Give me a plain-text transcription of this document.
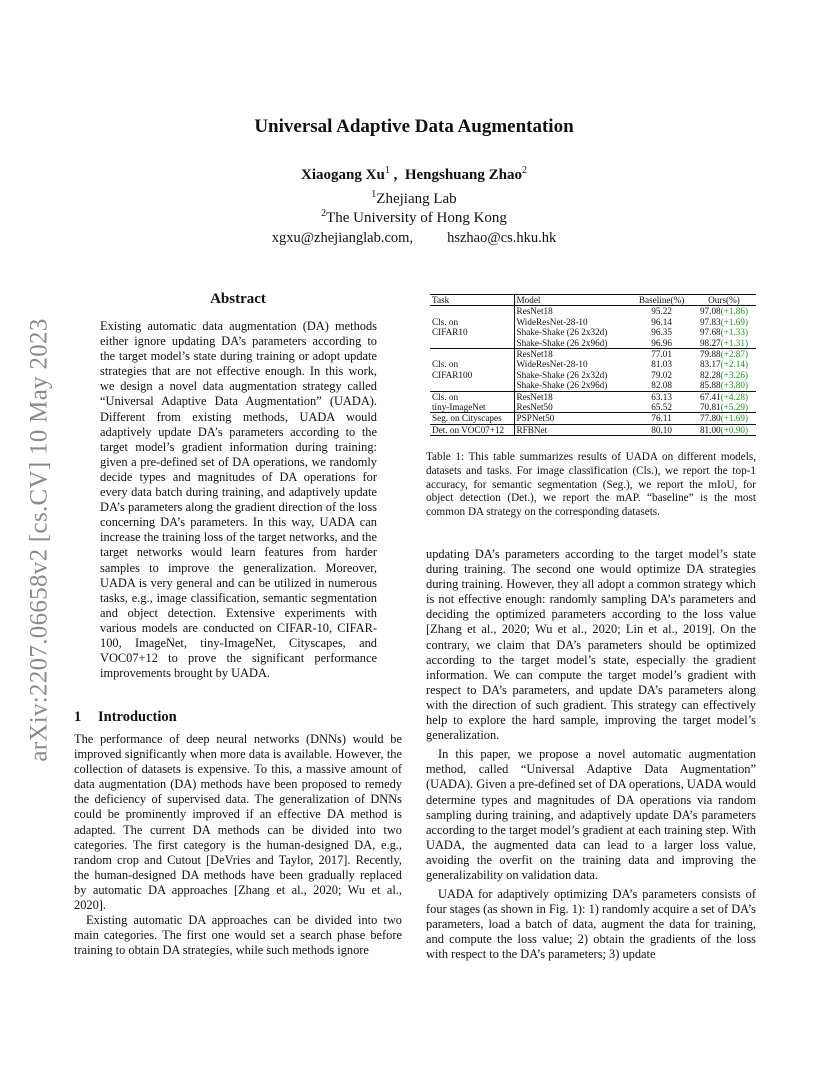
arXiv:2207.06658v2 [cs.CV] 10 May 2023
Universal Adaptive Data Augmentation
Xiaogang Xu$^1$ ,  Hengshuang Zhao$^2$
$^1$Zhejiang Lab
$^2$The University of Hong Kong
xgxu@zhejianglab.com, hszhao@cs.hku.hk
Abstract
Existing automatic data augmentation (DA) methods either ignore updating DA’s parameters according to the target model’s state during training or adopt update strategies that are not effective enough. In this work, we design a novel data augmentation strategy called “Universal Adaptive Data Augmentation” (UADA). Different from existing methods, UADA would adaptively update DA’s parameters according to the target model’s gradient information during training: given a pre-defined set of DA operations, we randomly decide types and magnitudes of DA operations for every data batch during training, and adaptively update DA’s parameters along the gradient direction of the loss concerning DA’s parameters. In this way, UADA can increase the training loss of the target networks, and the target networks would learn features from harder samples to improve the generalization. Moreover, UADA is very general and can be utilized in numerous tasks, e.g., image classification, semantic segmentation and object detection. Extensive experiments with various models are conducted on CIFAR-10, CIFAR-100, ImageNet, tiny-ImageNet, Cityscapes, and VOC07+12 to prove the significant performance improvements brought by UADA.
1 Introduction

The performance of deep neural networks (DNNs) would be improved significantly when more data is available. However, the collection of datasets is expensive. To this, a massive amount of data augmentation (DA) methods have been proposed to remedy the deficiency of supervised data. The generalization of DNNs could be prominently improved if an effective DA method is adapted. The current DA methods can be divided into two categories. The first category is the human-designed DA, e.g., random crop and Cutout [DeVries and Taylor, 2017]. Recently, the human-designed DA methods have been gradually replaced by automatic DA approaches [Zhang et al., 2020; Wu et al., 2020].

Existing automatic DA approaches can be divided into two main categories. The first one would set a search phase before training to obtain DA strategies, while such methods ignore

Task	Model	Baseline(%)	Ours(%)
	ResNet18	95.22	97.08(+1.86)
Cls. on	WideResNet-28-10	96.14	97.83(+1.69)
CIFAR10	Shake-Shake (26 2x32d)	96.35	97.68(+1.33)
	Shake-Shake (26 2x96d)	96.96	98.27(+1.31)
	ResNet18	77.01	79.88(+2.87)
Cls. on	WideResNet-28-10	81.03	83.17(+2.14)
CIFAR100	Shake-Shake (26 2x32d)	79.02	82.28(+3.26)
	Shake-Shake (26 2x96d)	82.08	85.88(+3.80)
Cls. on	ResNet18	63.13	67.41(+4.28)
tiny-ImageNet	ResNet50	65.52	70.81(+5.29)
Seg. on Cityscapes	PSPNet50	76.11	77.80(+1.69)
Det. on VOC07+12	RFBNet	80.10	81.00(+0.90)
Table 1: This table summarizes results of UADA on different models, datasets and tasks. For image classification (Cls.), we report the top-1 accuracy, for semantic segmentation (Seg.), we report the mIoU, for object detection (Det.), we report the mAP. “baseline” is the most common DA strategy on the corresponding datasets.

updating DA’s parameters according to the target model’s state during training. The second one would optimize DA strategies during training. However, they all adopt a common strategy which is not effective enough: randomly sampling DA’s parameters and deciding the optimized parameters according to the loss value [Zhang et al., 2020; Wu et al., 2020; Lin et al., 2019]. On the contrary, we claim that DA’s parameters should be optimized according to the target model’s state, especially the gradient information. We can compute the target model’s gradient with respect to DA’s parameters, and update DA’s parameters along with the direction of such gradient. This strategy can effectively help to explore the hard sample, improving the target model’s generalization.

In this paper, we propose a novel automatic augmentation method, called “Universal Adaptive Data Augmentation” (UADA). Given a pre-defined set of DA operations, UADA would determine types and magnitudes of DA operations via random sampling during training, and adaptively update DA’s parameters according to the target model’s gradient at each training step. With UADA, the augmented data can lead to a larger loss value, avoiding the overfit on the training data and improving the generalizability on validation data.

UADA for adaptively optimizing DA’s parameters consists of four stages (as shown in Fig. 1): 1) randomly acquire a set of DA’s parameters, load a batch of data, augment the data for training, and compute the loss value; 2) obtain the gradients of the loss with respect to the DA’s parameters; 3) update
